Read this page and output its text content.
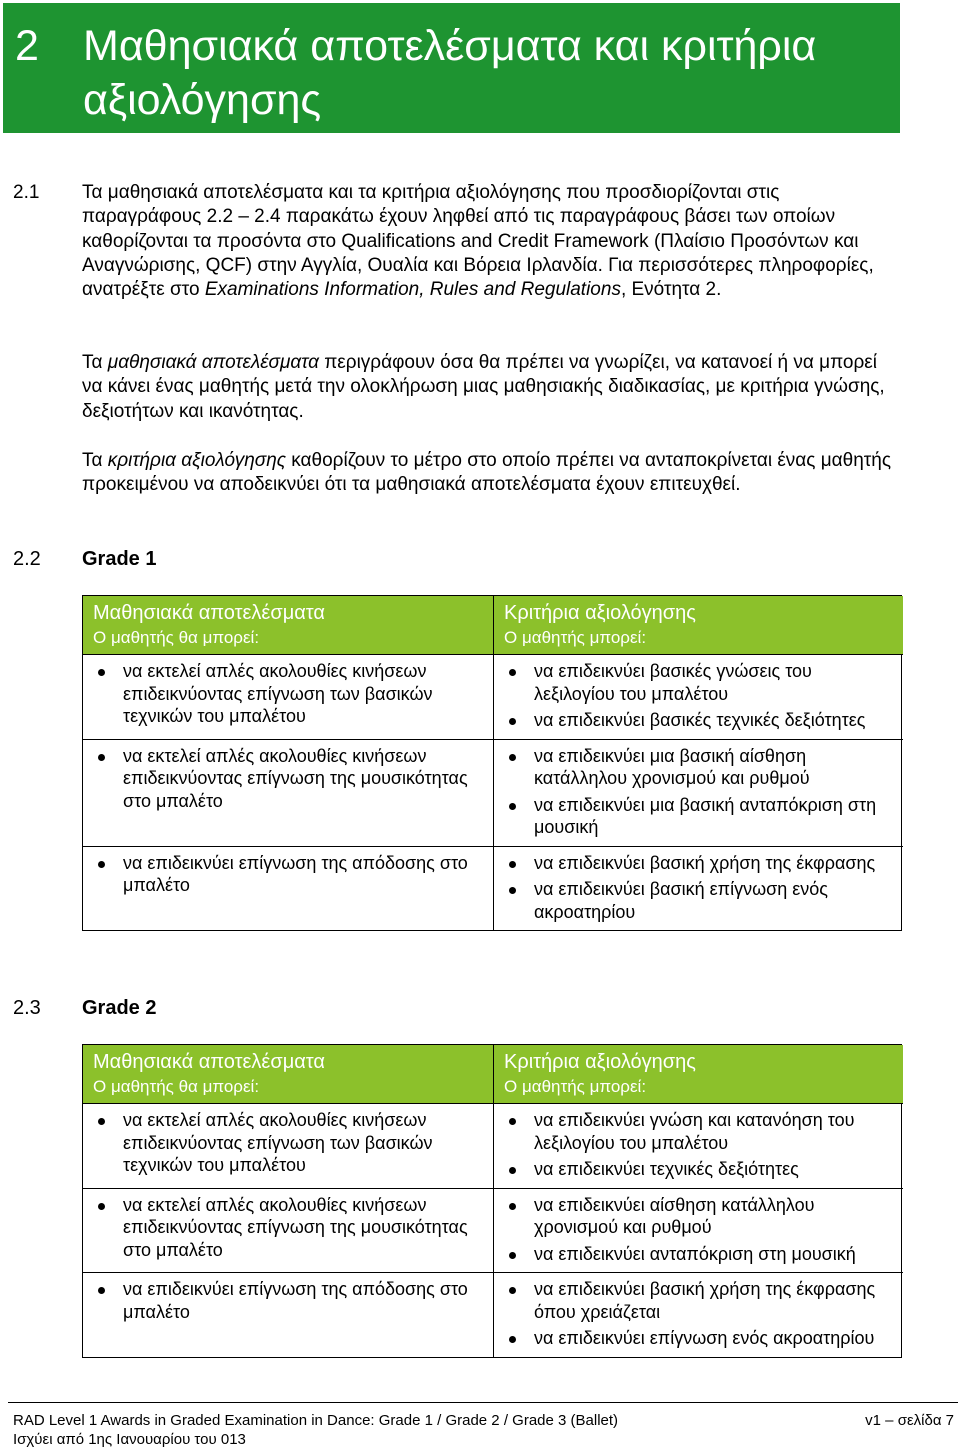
2 Μαθησιακά αποτελέσματα και κριτήρια αξιολόγησης
2.1 Τα μαθησιακά αποτελέσματα και τα κριτήρια αξιολόγησης που προσδιορίζονται στις παραγράφους 2.2 – 2.4 παρακάτω έχουν ληφθεί από τις παραγράφους βάσει των οποίων καθορίζονται τα προσόντα στο Qualifications and Credit Framework (Πλαίσιο Προσόντων και Αναγνώρισης, QCF) στην Αγγλία, Ουαλία και Βόρεια Ιρλανδία. Για περισσότερες πληροφορίες, ανατρέξτε στο Examinations Information, Rules and Regulations, Ενότητα 2.
Τα μαθησιακά αποτελέσματα περιγράφουν όσα θα πρέπει να γνωρίζει, να κατανοεί ή να μπορεί να κάνει ένας μαθητής μετά την ολοκλήρωση μιας μαθησιακής διαδικασίας, με κριτήρια γνώσης, δεξιοτήτων και ικανότητας.
Τα κριτήρια αξιολόγησης καθορίζουν το μέτρο στο οποίο πρέπει να ανταποκρίνεται ένας μαθητής προκειμένου να αποδεικνύει ότι τα μαθησιακά αποτελέσματα έχουν επιτευχθεί.
2.2 Grade 1
Μαθησιακά αποτελέσματα
Ο μαθητής θα μπορεί:
Κριτήρια αξιολόγησης
Ο μαθητής μπορεί:
να εκτελεί απλές ακολουθίες κινήσεων επιδεικνύοντας επίγνωση των βασικών τεχνικών του μπαλέτου
να επιδεικνύει βασικές γνώσεις του λεξιλογίου του μπαλέτου
να επιδεικνύει βασικές τεχνικές δεξιότητες
να εκτελεί απλές ακολουθίες κινήσεων επιδεικνύοντας επίγνωση της μουσικότητας στο μπαλέτο
να επιδεικνύει μια βασική αίσθηση κατάλληλου χρονισμού και ρυθμού
να επιδεικνύει μια βασική ανταπόκριση στη μουσική
να επιδεικνύει επίγνωση της απόδοσης στο μπαλέτο
να επιδεικνύει βασική χρήση της έκφρασης
να επιδεικνύει βασική επίγνωση ενός ακροατηρίου
2.3 Grade 2
Μαθησιακά αποτελέσματα
Ο μαθητής θα μπορεί:
Κριτήρια αξιολόγησης
Ο μαθητής μπορεί:
να εκτελεί απλές ακολουθίες κινήσεων επιδεικνύοντας επίγνωση των βασικών τεχνικών του μπαλέτου
να επιδεικνύει γνώση και κατανόηση του λεξιλογίου του μπαλέτου
να επιδεικνύει τεχνικές δεξιότητες
να εκτελεί απλές ακολουθίες κινήσεων επιδεικνύοντας επίγνωση της μουσικότητας στο μπαλέτο
να επιδεικνύει αίσθηση κατάλληλου χρονισμού και ρυθμού
να επιδεικνύει ανταπόκριση στη μουσική
να επιδεικνύει επίγνωση της απόδοσης στο μπαλέτο
να επιδεικνύει βασική χρήση της έκφρασης όπου χρειάζεται
να επιδεικνύει επίγνωση ενός ακροατηρίου
RAD Level 1 Awards in Graded Examination in Dance: Grade 1 / Grade 2 / Grade 3 (Ballet)
Ισχύει από 1ης Ιανουαρίου του 013
v1 – σελίδα 7
